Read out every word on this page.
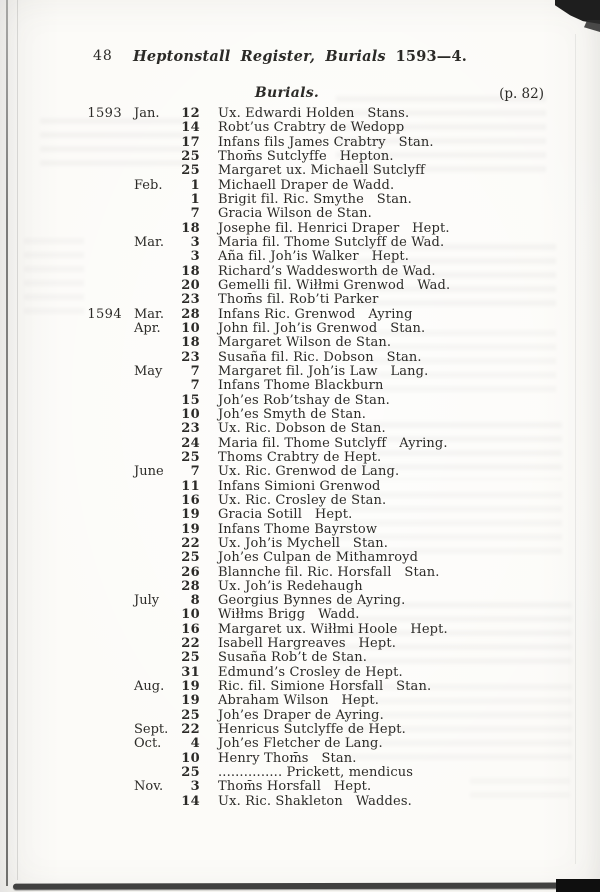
48	Heptonstall Register, Burials 1593—4.
Burials.	(p. 82)
1593 Jan.	12	Ux. Edwardi Holden   Stans.
14	Robt’us Crabtry de Wedopp
17	Infans fils James Crabtry   Stan.
25	Thom̄s Sutclyffe   Hepton.
25	Margaret ux. Michaell Sutclyff
Feb.	1	Michaell Draper de Wadd.
1	Brigit fil. Ric. Smythe   Stan.
7	Gracia Wilson de Stan.
18	Josephe fil. Henrici Draper   Hept.
Mar.	3	Maria fil. Thome Sutclyff de Wad.
3	Aña fil. Joh’is Walker   Hept.
18	Richard’s Waddesworth de Wad.
20	Gemelli fil. Wiłłmi Grenwod   Wad.
23	Thom̄s fil. Rob’ti Parker
1594 Mar.	28	Infans Ric. Grenwod   Ayring
Apr.	10	John fil. Joh’is Grenwod   Stan.
18	Margaret Wilson de Stan.
23	Susaña fil. Ric. Dobson   Stan.
May	7	Margaret fil. Joh’is Law   Lang.
7	Infans Thome Blackburn
15	Joh’es Rob’tshay de Stan.
10	Joh’es Smyth de Stan.
23	Ux. Ric. Dobson de Stan.
24	Maria fil. Thome Sutclyff   Ayring.
25	Thoms Crabtry de Hept.
June	7	Ux. Ric. Grenwod de Lang.
11	Infans Simioni Grenwod
16	Ux. Ric. Crosley de Stan.
19	Gracia Sotill   Hept.
19	Infans Thome Bayrstow
22	Ux. Joh’is Mychell   Stan.
25	Joh’es Culpan de Mithamroyd
26	Blannche fil. Ric. Horsfall   Stan.
28	Ux. Joh’is Redehaugh
July	8	Georgius Bynnes de Ayring.
10	Wiłłms Brigg   Wadd.
16	Margaret ux. Wiłłmi Hoole   Hept.
22	Isabell Hargreaves   Hept.
25	Susaña Rob’t de Stan.
31	Edmund’s Crosley de Hept.
Aug.	19	Ric. fil. Simione Horsfall   Stan.
19	Abraham Wilson   Hept.
25	Joh’es Draper de Ayring.
Sept.	22	Henricus Sutclyffe de Hept.
Oct.	4	Joh’es Fletcher de Lang.
10	Henry Thom̄s   Stan.
25	............... Prickett, mendicus
Nov.	3	Thom̄s Horsfall   Hept.
14	Ux. Ric. Shakleton   Waddes.
